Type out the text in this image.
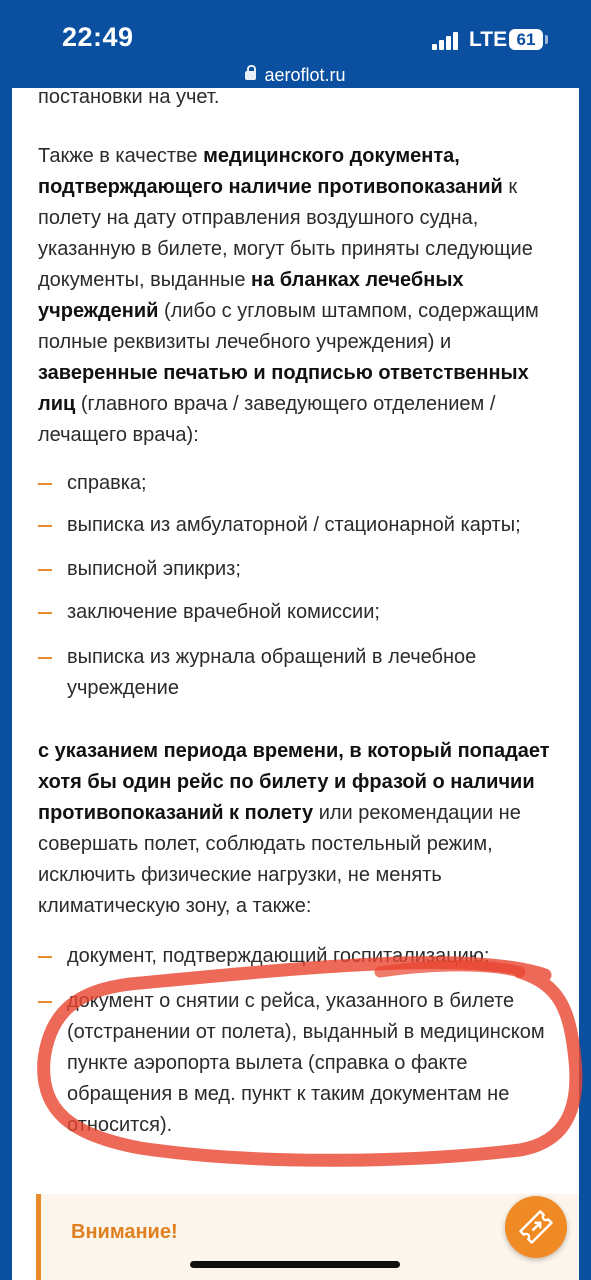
22:49	LTE 61
aeroflot.ru
постановки на учет.
Также в качестве медицинского документа, подтверждающего наличие противопоказаний к полету на дату отправления воздушного судна, указанную в билете, могут быть приняты следующие документы, выданные на бланках лечебных учреждений (либо с угловым штампом, содержащим полные реквизиты лечебного учреждения) и заверенные печатью и подписью ответственных лиц (главного врача / заведующего отделением / лечащего врача):
справка;
выписка из амбулаторной / стационарной карты;
выписной эпикриз;
заключение врачебной комиссии;
выписка из журнала обращений в лечебное учреждение
с указанием периода времени, в который попадает хотя бы один рейс по билету и фразой о наличии противопоказаний к полету или рекомендации не совершать полет, соблюдать постельный режим, исключить физические нагрузки, не менять климатическую зону, а также:
документ, подтверждающий госпитализацию;
документ о снятии с рейса, указанного в билете (отстранении от полета), выданный в медицинском пункте аэропорта вылета (справка о факте обращения в мед. пункт к таким документам не относится).
Внимание!
